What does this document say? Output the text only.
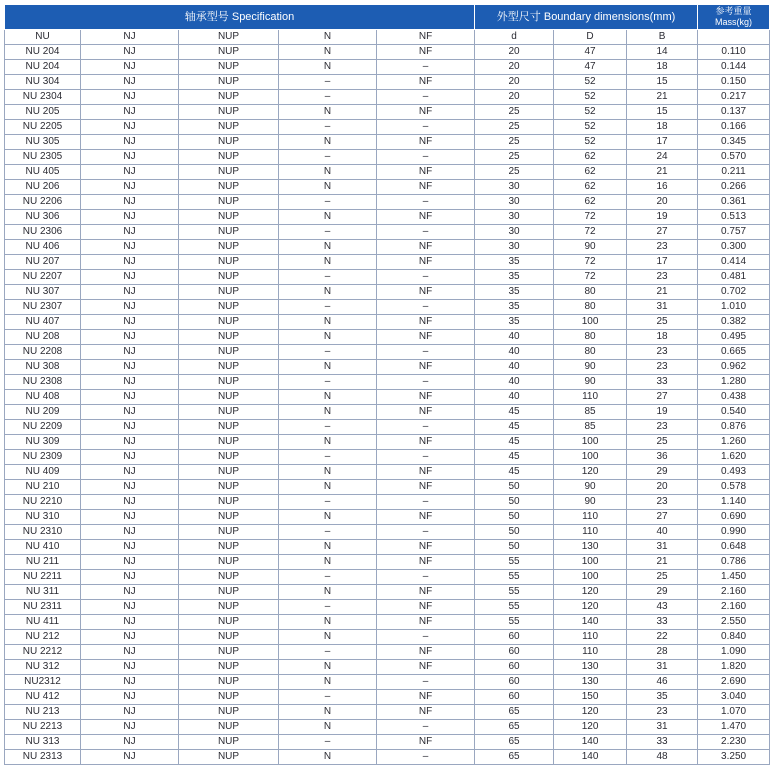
轴承型号 Specification					外型尺寸 Boundary dimensions(mm)			参考重量 Mass(kg)
NU	NJ	NUP	N	NF	d	D	B	
NU 204	NJ	NUP	N	NF	20	47	14	0.110
NU 204	NJ	NUP	N	–	20	47	18	0.144
NU 304	NJ	NUP	–	NF	20	52	15	0.150
NU 2304	NJ	NUP	–	–	20	52	21	0.217
NU 205	NJ	NUP	N	NF	25	52	15	0.137
NU 2205	NJ	NUP	–	–	25	52	18	0.166
NU 305	NJ	NUP	N	NF	25	52	17	0.345
NU 2305	NJ	NUP	–	–	25	62	24	0.570
NU 405	NJ	NUP	N	NF	25	62	21	0.211
NU 206	NJ	NUP	N	NF	30	62	16	0.266
NU 2206	NJ	NUP	–	–	30	62	20	0.361
NU 306	NJ	NUP	N	NF	30	72	19	0.513
NU 2306	NJ	NUP	–	–	30	72	27	0.757
NU 406	NJ	NUP	N	NF	30	90	23	0.300
NU 207	NJ	NUP	N	NF	35	72	17	0.414
NU 2207	NJ	NUP	–	–	35	72	23	0.481
NU 307	NJ	NUP	N	NF	35	80	21	0.702
NU 2307	NJ	NUP	–	–	35	80	31	1.010
NU 407	NJ	NUP	N	NF	35	100	25	0.382
NU 208	NJ	NUP	N	NF	40	80	18	0.495
NU 2208	NJ	NUP	–	–	40	80	23	0.665
NU 308	NJ	NUP	N	NF	40	90	23	0.962
NU 2308	NJ	NUP	–	–	40	90	33	1.280
NU 408	NJ	NUP	N	NF	40	110	27	0.438
NU 209	NJ	NUP	N	NF	45	85	19	0.540
NU 2209	NJ	NUP	–	–	45	85	23	0.876
NU 309	NJ	NUP	N	NF	45	100	25	1.260
NU 2309	NJ	NUP	–	–	45	100	36	1.620
NU 409	NJ	NUP	N	NF	45	120	29	0.493
NU 210	NJ	NUP	N	NF	50	90	20	0.578
NU 2210	NJ	NUP	–	–	50	90	23	1.140
NU 310	NJ	NUP	N	NF	50	110	27	0.690
NU 2310	NJ	NUP	–	–	50	110	40	0.990
NU 410	NJ	NUP	N	NF	50	130	31	0.648
NU 211	NJ	NUP	N	NF	55	100	21	0.786
NU 2211	NJ	NUP	–	–	55	100	25	1.450
NU 311	NJ	NUP	N	NF	55	120	29	2.160
NU 2311	NJ	NUP	–	NF	55	120	43	2.160
NU 411	NJ	NUP	N	NF	55	140	33	2.550
NU 212	NJ	NUP	N	–	60	110	22	0.840
NU 2212	NJ	NUP	–	NF	60	110	28	1.090
NU 312	NJ	NUP	N	NF	60	130	31	1.820
NU2312	NJ	NUP	N	–	60	130	46	2.690
NU 412	NJ	NUP	–	NF	60	150	35	3.040
NU 213	NJ	NUP	N	NF	65	120	23	1.070
NU 2213	NJ	NUP	N	–	65	120	31	1.470
NU 313	NJ	NUP	–	NF	65	140	33	2.230
NU 2313	NJ	NUP	N	–	65	140	48	3.250
